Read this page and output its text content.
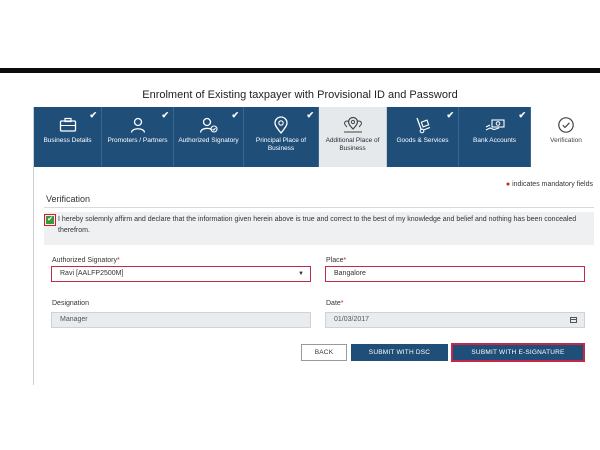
Enrolment of Existing taxpayer with Provisional ID and Password
✔
Business Details
✔
Promoters / Partners
✔
Authorized Signatory
✔
Principal Place of Business
Additional Place of Business
✔
Goods & Services
✔
Bank Accounts	Verification
● indicates mandatory fields
Verification
✔ I hereby solemnly affirm and declare that the information given herein above is true and correct to the best of my knowledge and belief and nothing has been concealed therefrom.
Authorized Signatory*
Ravi [AALFP2500M]	▼
Place*
Bangalore
Designation
Manager
Date*
01/03/2017
BACK	SUBMIT WITH DSC	SUBMIT WITH E-SIGNATURE
